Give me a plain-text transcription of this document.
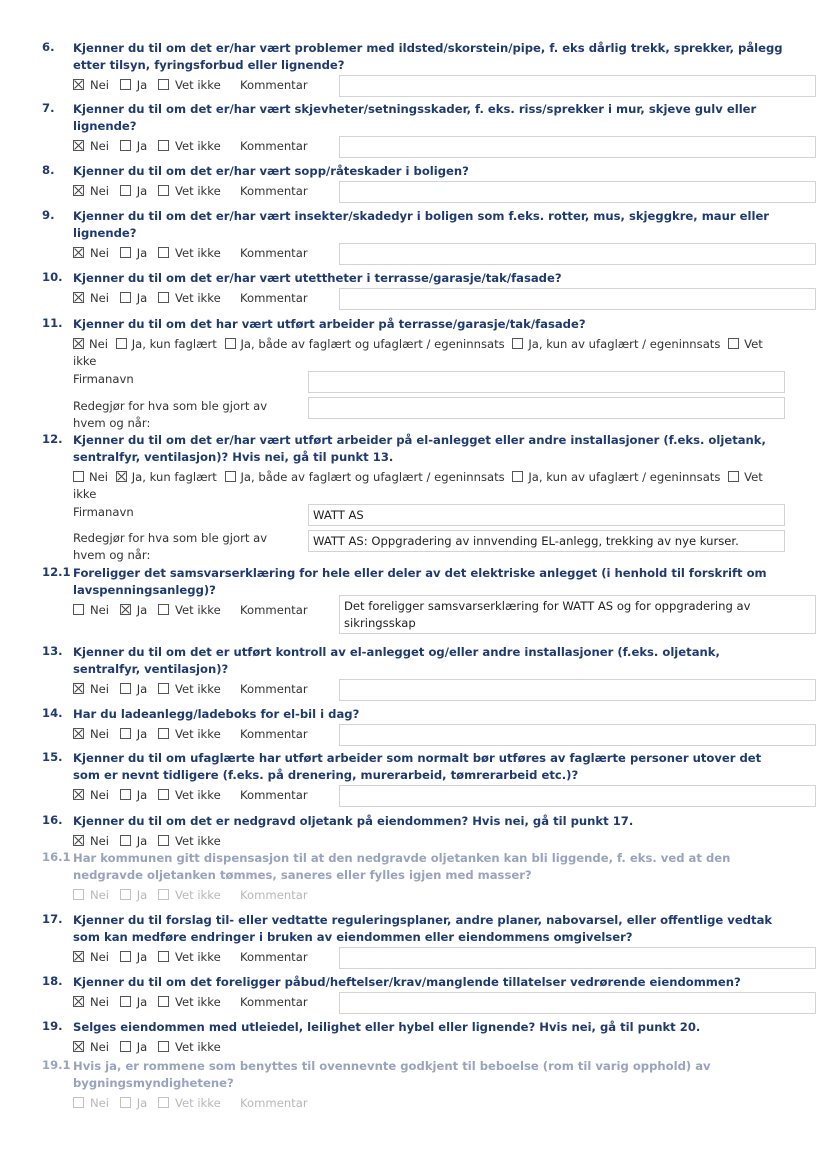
6. Kjenner du til om det er/har vært problemer med ildsted/skorstein/pipe, f. eks dårlig trekk, sprekker, pålegg etter tilsyn, fyringsforbud eller lignende?
Nei Ja Vet ikke Kommentar
7. Kjenner du til om det er/har vært skjevheter/setningsskader, f. eks. riss/sprekker i mur, skjeve gulv eller lignende?
Nei Ja Vet ikke Kommentar
8. Kjenner du til om det er/har vært sopp/råteskader i boligen?
Nei Ja Vet ikke Kommentar
9. Kjenner du til om det er/har vært insekter/skadedyr i boligen som f.eks. rotter, mus, skjeggkre, maur eller lignende?
Nei Ja Vet ikke Kommentar
10. Kjenner du til om det er/har vært utettheter i terrasse/garasje/tak/fasade?
Nei Ja Vet ikke Kommentar
11. Kjenner du til om det har vært utført arbeider på terrasse/garasje/tak/fasade?
Nei Ja, kun faglært Ja, både av faglært og ufaglært / egeninnsats Ja, kun av ufaglært / egeninnsats Vet ikke
Firmanavn
Redegjør for hva som ble gjort av hvem og når:
12. Kjenner du til om det er/har vært utført arbeider på el-anlegget eller andre installasjoner (f.eks. oljetank, sentralfyr, ventilasjon)? Hvis nei, gå til punkt 13.
Nei Ja, kun faglært Ja, både av faglært og ufaglært / egeninnsats Ja, kun av ufaglært / egeninnsats Vet ikke
Firmanavn	WATT AS
Redegjør for hva som ble gjort av hvem og når:
WATT AS: Oppgradering av innvending EL-anlegg, trekking av nye kurser.
12.1 Foreligger det samsvarserklæring for hele eller deler av det elektriske anlegget (i henhold til forskrift om lavspenningsanlegg)?
Nei Ja Vet ikke Kommentar	Det foreligger samsvarserklæring for WATT AS og for oppgradering av sikringsskap
13. Kjenner du til om det er utført kontroll av el-anlegget og/eller andre installasjoner (f.eks. oljetank, sentralfyr, ventilasjon)?
Nei Ja Vet ikke Kommentar
14. Har du ladeanlegg/ladeboks for el-bil i dag?
Nei Ja Vet ikke Kommentar
15. Kjenner du til om ufaglærte har utført arbeider som normalt bør utføres av faglærte personer utover det som er nevnt tidligere (f.eks. på drenering, murerarbeid, tømrerarbeid etc.)?
Nei Ja Vet ikke Kommentar
16. Kjenner du til om det er nedgravd oljetank på eiendommen? Hvis nei, gå til punkt 17.
Nei Ja Vet ikke
16.1 Har kommunen gitt dispensasjon til at den nedgravde oljetanken kan bli liggende, f. eks. ved at den nedgravde oljetanken tømmes, saneres eller fylles igjen med masser?
Nei Ja Vet ikke Kommentar
17. Kjenner du til forslag til- eller vedtatte reguleringsplaner, andre planer, nabovarsel, eller offentlige vedtak som kan medføre endringer i bruken av eiendommen eller eiendommens omgivelser?
Nei Ja Vet ikke Kommentar
18. Kjenner du til om det foreligger påbud/heftelser/krav/manglende tillatelser vedrørende eiendommen?
Nei Ja Vet ikke Kommentar
19. Selges eiendommen med utleiedel, leilighet eller hybel eller lignende? Hvis nei, gå til punkt 20.
Nei Ja Vet ikke
19.1 Hvis ja, er rommene som benyttes til ovennevnte godkjent til beboelse (rom til varig opphold) av bygningsmyndighetene?
Nei Ja Vet ikke Kommentar
